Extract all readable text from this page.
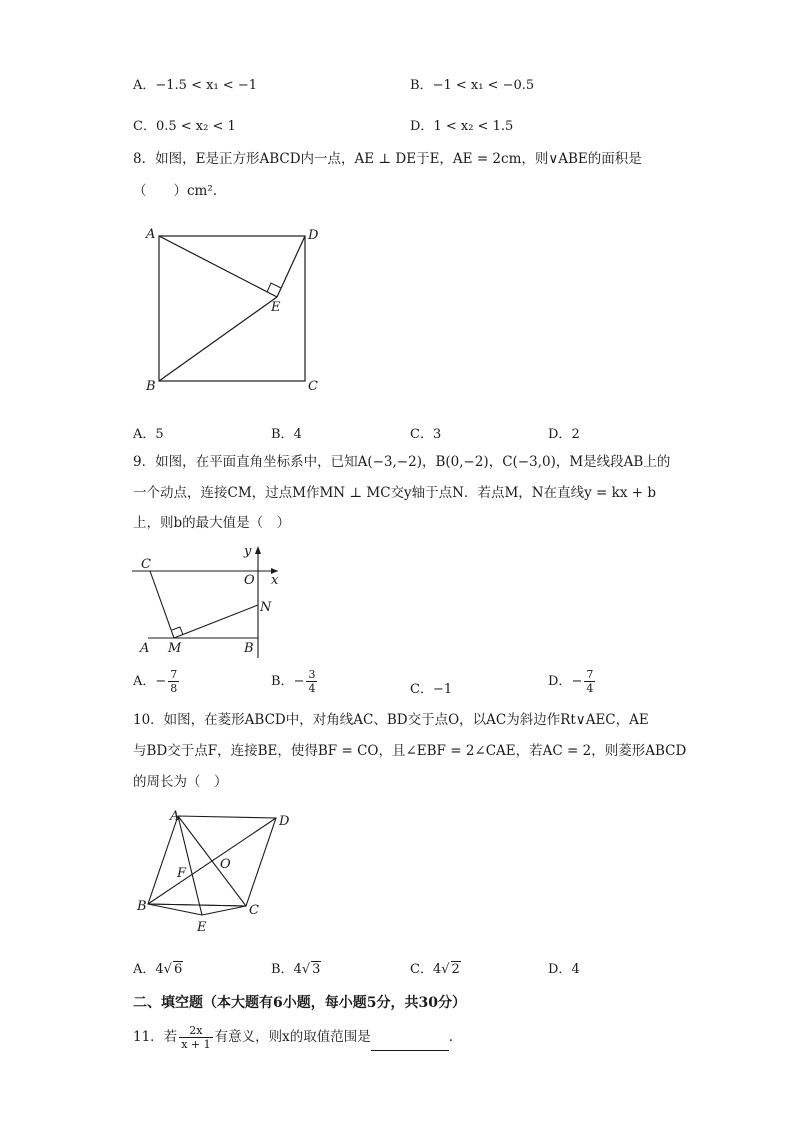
A．−1.5 < x₁ < −1	B．−1 < x₁ < −0.5
C．0.5 < x₂ < 1	D．1 < x₂ < 1.5
8．如图，E是正方形ABCD内一点，AE ⊥ DE于E，AE = 2cm，则∨ABE的面积是
（　　）cm².
A	D
E
B	C
A．5	B．4	C．3	D．2
9．如图，在平面直角坐标系中，已知A(−3,−2)，B(0,−2)，C(−3,0)，M是线段AB上的
一个动点，连接CM，过点M作MN ⊥ MC交y轴于点N．若点M，N在直线y = kx + b
上，则b的最大值是（　）
C
y
O x
N
A M	B
A．− $\frac{7}{8}$	B．− $\frac{3}{4}$	C．−1
D．− $\frac{7}{4}$
10．如图，在菱形ABCD中，对角线AC、BD交于点O，以AC为斜边作Rt∨AEC，AE
与BD交于点F，连接BE，使得BF = CO，且∠EBF = 2∠CAE，若AC = 2，则菱形ABCD
的周长为（　）
A	D
O
F
B	C
E
A．4√ 6	B．4√ 3	C．4√ 2	D．4
二、填空题（本大题有6小题，每小题5分，共30分）
11．若 $\frac{2x}{x + 1}$ 有意义，则x的取值范围是	．
